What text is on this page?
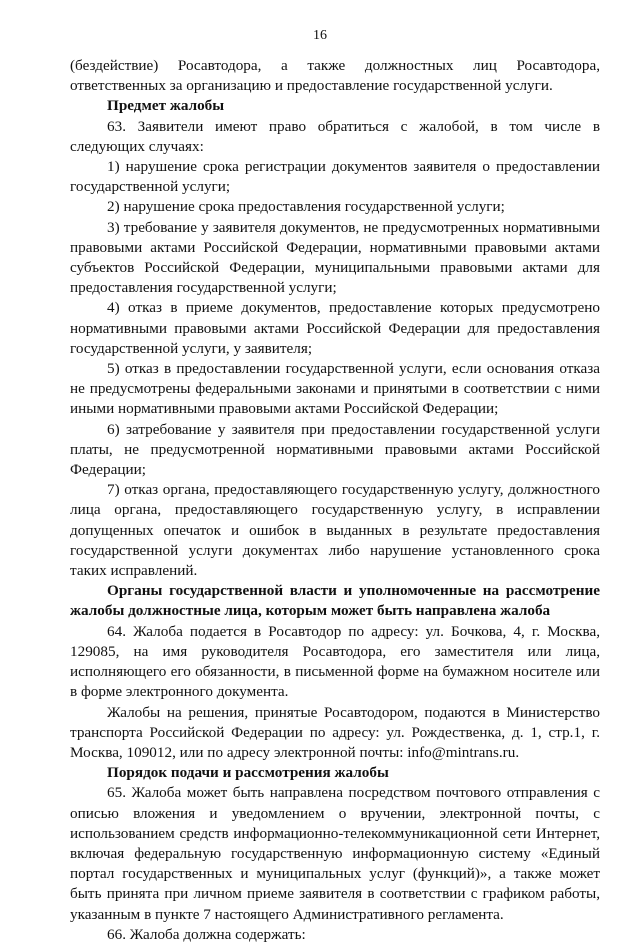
16

(бездействие) Росавтодора, а также должностных лиц Росавтодора, ответственных за организацию и предоставление государственной услуги.

Предмет жалобы

63. Заявители имеют право обратиться с жалобой, в том числе в следующих случаях:

1) нарушение срока регистрации документов заявителя о предоставлении государственной услуги;

2) нарушение срока предоставления государственной услуги;

3) требование у заявителя документов, не предусмотренных нормативными правовыми актами Российской Федерации, нормативными правовыми актами субъектов Российской Федерации, муниципальными правовыми актами для предоставления государственной услуги;

4) отказ в приеме документов, предоставление которых предусмотрено нормативными правовыми актами Российской Федерации для предоставления государственной услуги, у заявителя;

5) отказ в предоставлении государственной услуги, если основания отказа не предусмотрены федеральными законами и принятыми в соответствии с ними иными нормативными правовыми актами Российской Федерации;

6) затребование у заявителя при предоставлении государственной услуги платы, не предусмотренной нормативными правовыми актами Российской Федерации;

7) отказ органа, предоставляющего государственную услугу, должностного лица органа, предоставляющего государственную услугу, в исправлении допущенных опечаток и ошибок в выданных в результате предоставления государственной услуги документах либо нарушение установленного срока таких исправлений.

Органы государственной власти и уполномоченные на рассмотрение жалобы должностные лица, которым может быть направлена жалоба

64. Жалоба подается в Росавтодор по адресу: ул. Бочкова, 4, г. Москва, 129085, на имя руководителя Росавтодора, его заместителя или лица, исполняющего его обязанности, в письменной форме на бумажном носителе или в форме электронного документа.

Жалобы на решения, принятые Росавтодором, подаются в Министерство транспорта Российской Федерации по адресу: ул. Рождественка, д. 1, стр.1, г. Москва, 109012, или по адресу электронной почты: info@mintrans.ru.

Порядок подачи и рассмотрения жалобы

65. Жалоба может быть направлена посредством почтового отправления с описью вложения и уведомлением о вручении, электронной почты, с использованием средств информационно-телекоммуникационной сети Интернет, включая федеральную государственную информационную систему «Единый портал государственных и муниципальных услуг (функций)», а также может быть принята при личном приеме заявителя в соответствии с графиком работы, указанным в пункте 7 настоящего Административного регламента.

66. Жалоба должна содержать:
